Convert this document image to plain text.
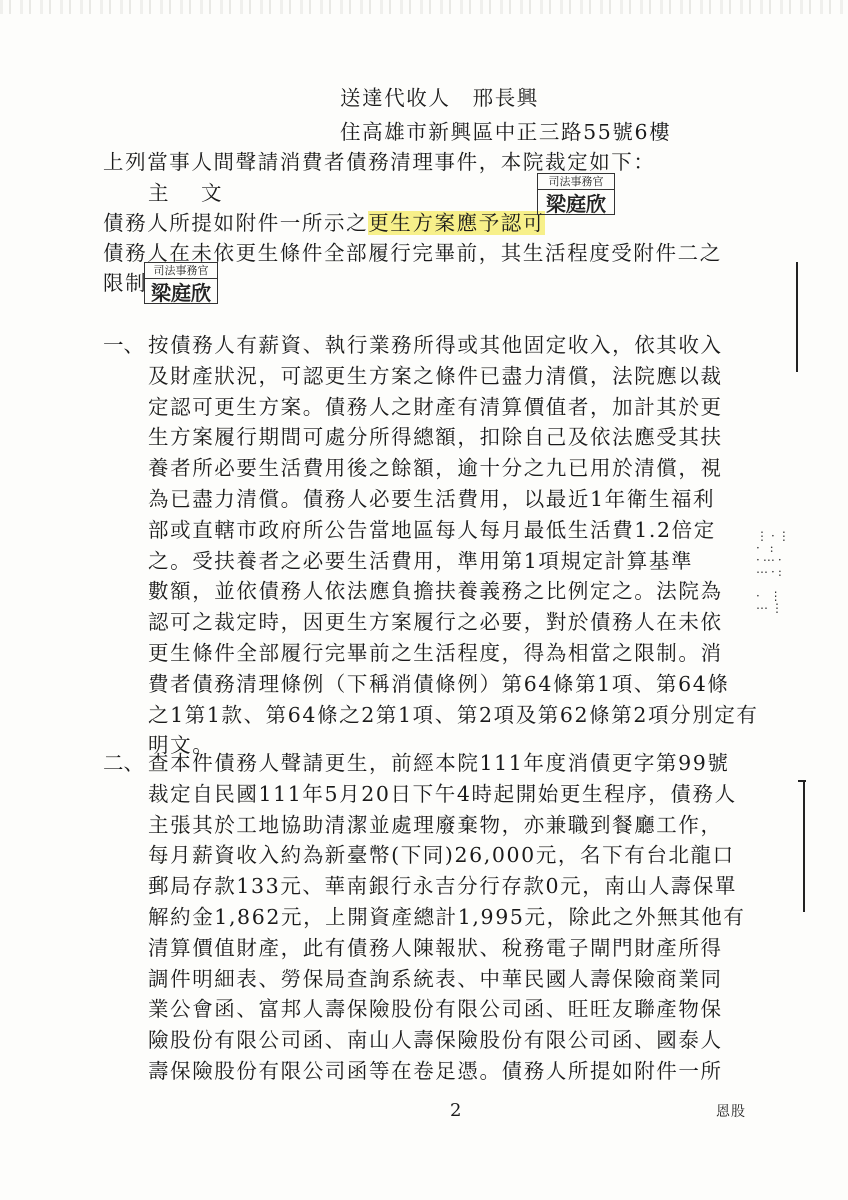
送達代收人　邢長興
住高雄市新興區中正三路55號6樓
上列當事人間聲請消費者債務清理事件，本院裁定如下：
主　文
債務人所提如附件一所示之更生方案應予認可
債務人在未依更生條件全部履行完畢前，其生活程度受附件二之
限制
司法事務官
梁庭欣
司法事務官
梁庭欣
一、 按債務人有薪資、執行業務所得或其他固定收入，依其收入
及財產狀況，可認更生方案之條件已盡力清償，法院應以裁
定認可更生方案。債務人之財產有清算價值者，加計其於更
生方案履行期間可處分所得總額，扣除自己及依法應受其扶
養者所必要生活費用後之餘額，逾十分之九已用於清償，視
為已盡力清償。債務人必要生活費用，以最近1年衛生福利
部或直轄市政府所公告當地區每人每月最低生活費1.2倍定
之。受扶養者之必要生活費用，準用第1項規定計算基準
數額，並依債務人依法應負擔扶養義務之比例定之。法院為
認可之裁定時，因更生方案履行之必要，對於債務人在未依
更生條件全部履行完畢前之生活程度，得為相當之限制。消
費者債務清理條例（下稱消債條例）第64條第1項、第64條
之1第1款、第64條之2第1項、第2項及第62條第2項分別定有
明文。
二、 查本件債務人聲請更生，前經本院111年度消債更字第99號
裁定自民國111年5月20日下午4時起開始更生程序，債務人
主張其於工地協助清潔並處理廢棄物，亦兼職到餐廳工作，
每月薪資收入約為新臺幣(下同)26,000元，名下有台北龍口
郵局存款133元、華南銀行永吉分行存款0元，南山人壽保單
解約金1,862元，上開資產總計1,995元，除此之外無其他有
清算價值財產，此有債務人陳報狀、稅務電子閘門財產所得
調件明細表、勞保局查詢系統表、中華民國人壽保險商業同
業公會函、富邦人壽保險股份有限公司函、旺旺友聯產物保
險股份有限公司函、南山人壽保險股份有限公司函、國泰人
壽保險股份有限公司函等在卷足憑。債務人所提如附件一所
⋮·⋮
· :
·⋯·
⋯·:

· ⋮
⋯⋮
2	恩股
